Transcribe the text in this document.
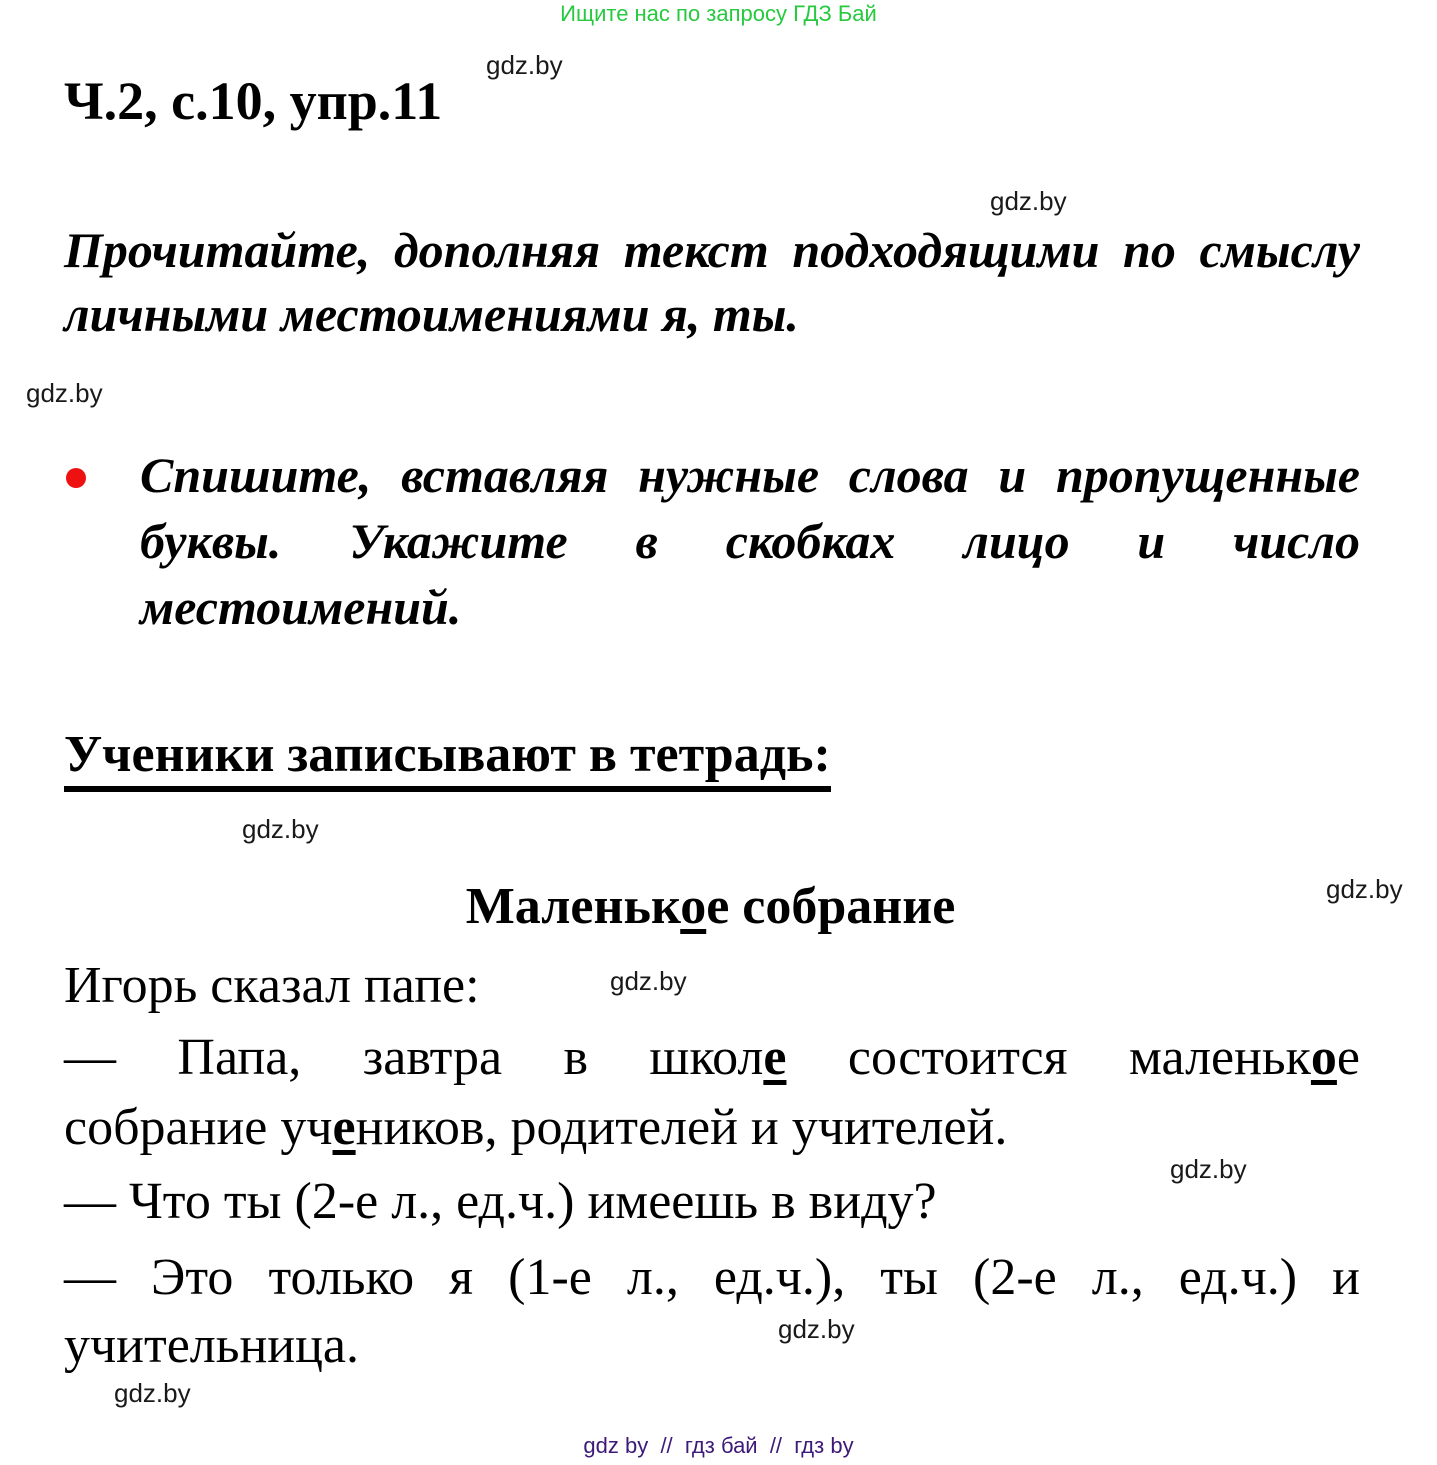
Ищите нас по запросу ГДЗ Бай
Ч.2, с.10, упр.11
gdz.by
gdz.by
Прочитайте, дополняя текст подходящими по смыслу личными местоимениями я, ты.
gdz.by
Спишите, вставляя нужные слова и пропущенные буквы. Укажите в скобках лицо и число местоимений.
Ученики записывают в тетрадь:
gdz.by
gdz.by
Маленькое собрание
Игорь сказал папе:	gdz.by
— Папа, завтра в школе состоится маленькое
собрание учеников, родителей и учителей.
gdz.by
— Что ты (2-е л., ед.ч.) имеешь в виду?
— Это только я (1-е л., ед.ч.), ты (2-е л., ед.ч.) и
gdz.by
учительница.
gdz.by
gdz by  //  гдз бай  //  гдз by
